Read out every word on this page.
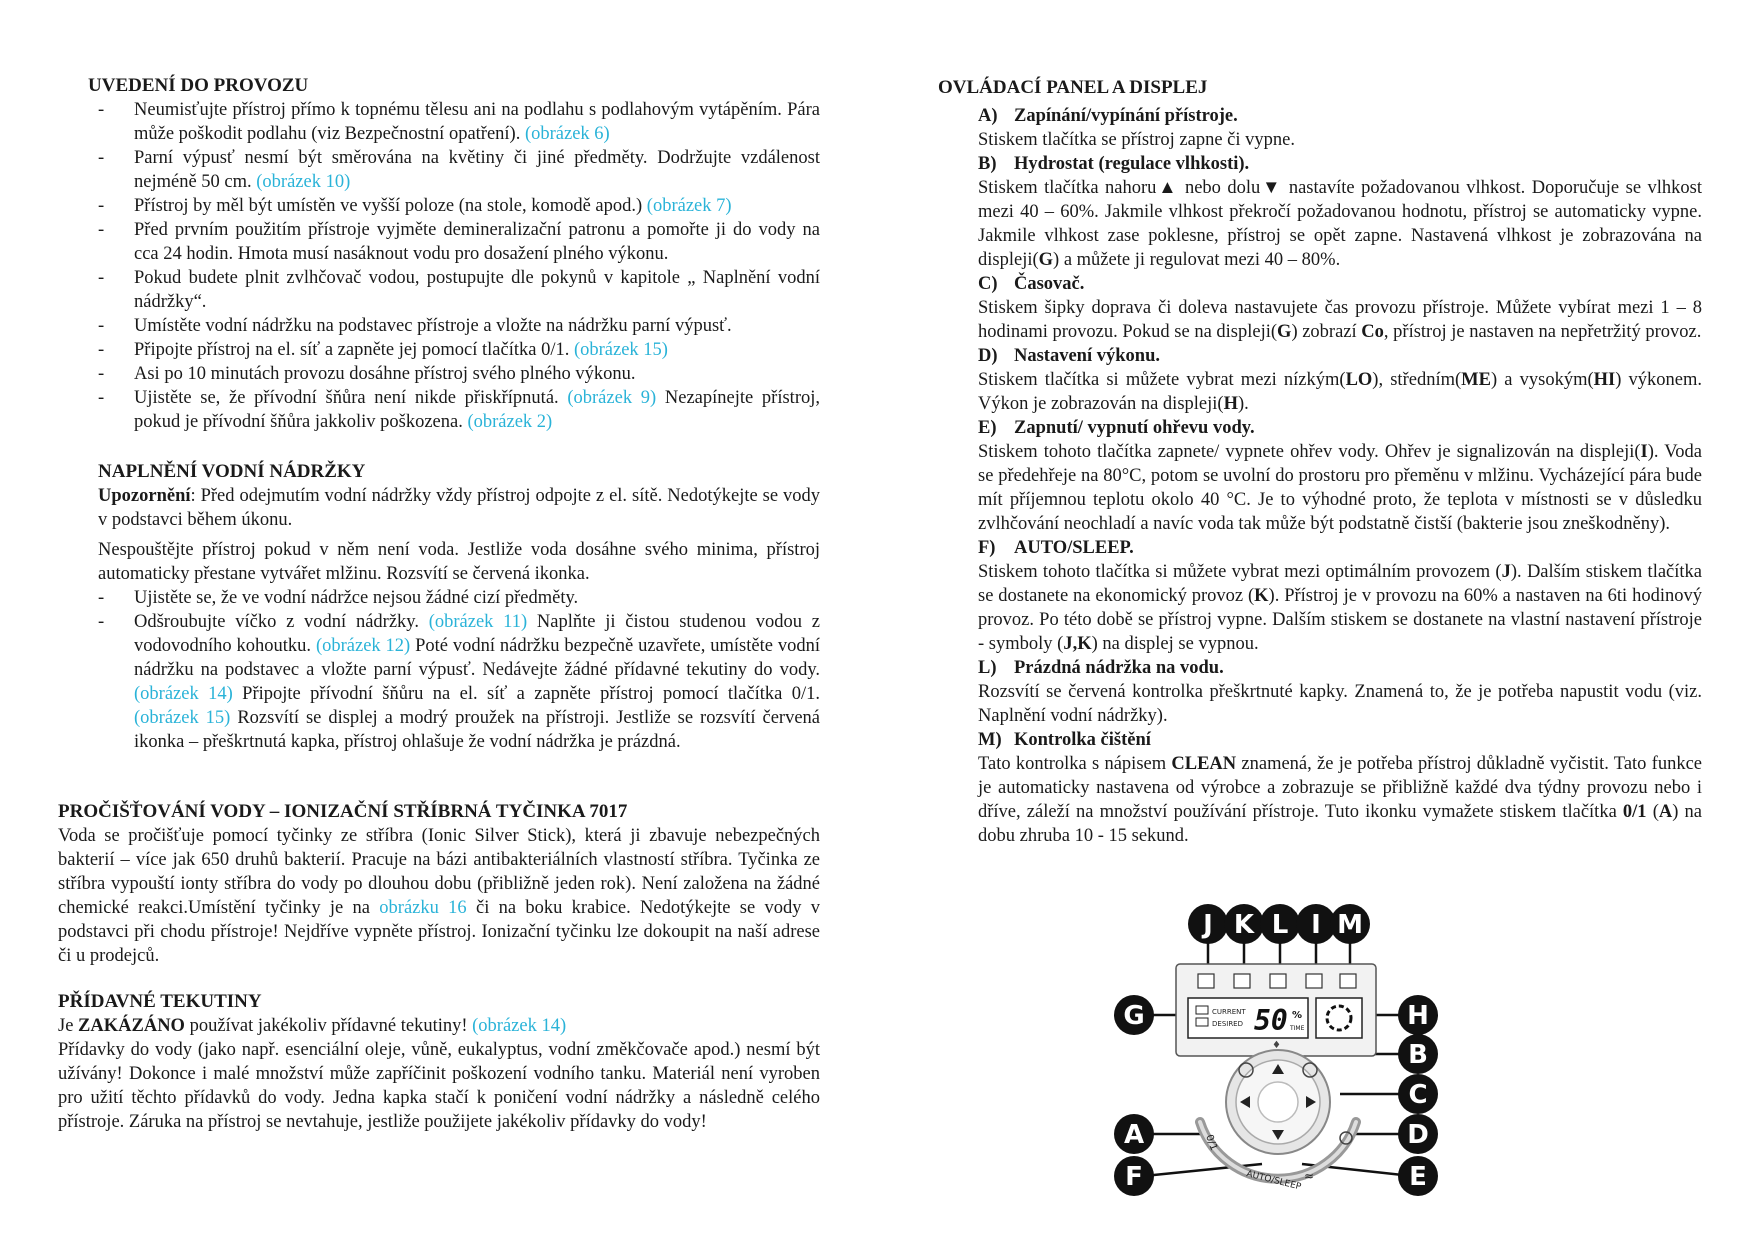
UVEDENÍ DO PROVOZU
- Neumisťujte přístroj přímo k topnému tělesu ani na podlahu s podlahovým vytápěním. Pára může poškodit podlahu (viz Bezpečnostní opatření). (obrázek 6)
- Parní výpusť nesmí být směrována na květiny či jiné předměty. Dodržujte vzdálenost nejméně 50 cm. (obrázek 10)
- Přístroj by měl být umístěn ve vyšší poloze (na stole, komodě apod.) (obrázek 7)
- Před prvním použitím přístroje vyjměte demineralizační patronu a pomořte ji do vody na cca 24 hodin. Hmota musí nasáknout vodu pro dosažení plného výkonu.
- Pokud budete plnit zvlhčovač vodou, postupujte dle pokynů v kapitole „ Naplnění vodní nádržky“.
- Umístěte vodní nádržku na podstavec přístroje a vložte na nádržku parní výpusť.
- Připojte přístroj na el. síť a zapněte jej pomocí tlačítka 0/1. (obrázek 15)
- Asi po 10 minutách provozu dosáhne přístroj svého plného výkonu.
- Ujistěte se, že přívodní šňůra není nikde přiskřípnutá. (obrázek 9) Nezapínejte přístroj, pokud je přívodní šňůra jakkoliv poškozena. (obrázek 2)
NAPLNĚNÍ VODNÍ NÁDRŽKY

Upozornění: Před odejmutím vodní nádržky vždy přístroj odpojte z el. sítě. Nedotýkejte se vody v podstavci během úkonu.

Nespouštějte přístroj pokud v něm není voda. Jestliže voda dosáhne svého minima, přístroj automaticky přestane vytvářet mlžinu. Rozsvítí se červená ikonka.

- Ujistěte se, že ve vodní nádržce nejsou žádné cizí předměty.
- Odšroubujte víčko z vodní nádržky. (obrázek 11) Naplňte ji čistou studenou vodou z vodovodního kohoutku. (obrázek 12) Poté vodní nádržku bezpečně uzavřete, umístěte vodní nádržku na podstavec a vložte parní výpusť. Nedávejte žádné přídavné tekutiny do vody. (obrázek 14) Připojte přívodní šňůru na el. síť a zapněte přístroj pomocí tlačítka 0/1. (obrázek 15) Rozsvítí se displej a modrý proužek na přístroji. Jestliže se rozsvítí červená ikonka – přeškrtnutá kapka, přístroj ohlašuje že vodní nádržka je prázdná.
PROČIŠŤOVÁNÍ VODY – IONIZAČNÍ STŘÍBRNÁ TYČINKA 7017

Voda se pročišťuje pomocí tyčinky ze stříbra (Ionic Silver Stick), která ji zbavuje nebezpečných bakterií – více jak 650 druhů bakterií. Pracuje na bázi antibakteriálních vlastností stříbra. Tyčinka ze stříbra vypouští ionty stříbra do vody po dlouhou dobu (přibližně jeden rok). Není založena na žádné chemické reakci.Umístění tyčinky je na obrázku 16 či na boku krabice. Nedotýkejte se vody v podstavci při chodu přístroje! Nejdříve vypněte přístroj. Ionizační tyčinku lze dokoupit na naší adrese či u prodejců.

PŘÍDAVNÉ TEKUTINY

Je ZAKÁZÁNO používat jakékoliv přídavné tekutiny! (obrázek 14)

Přídavky do vody (jako např. esenciální oleje, vůně, eukalyptus, vodní změkčovače apod.) nesmí být užívány! Dokonce i malé množství může zapříčinit poškození vodního tanku. Materiál není vyroben pro užití těchto přídavků do vody. Jedna kapka stačí k poničení vodní nádržky a následně celého přístroje. Záruka na přístroj se nevtahuje, jestliže použijete jakékoliv přídavky do vody!

OVLÁDACÍ PANEL A DISPLEJ
A) Zapínání/vypínání přístroje.
Stiskem tlačítka se přístroj zapne či vypne.
B) Hydrostat (regulace vlhkosti).
Stiskem tlačítka nahoru▲ nebo dolu▼ nastavíte požadovanou vlhkost. Doporučuje se vlhkost mezi 40 – 60%. Jakmile vlhkost překročí požadovanou hodnotu, přístroj se automaticky vypne. Jakmile vlhkost zase poklesne, přístroj se opět zapne. Nastavená vlhkost je zobrazována na displeji(G) a můžete ji regulovat mezi 40 – 80%.
C) Časovač.
Stiskem šipky doprava či doleva nastavujete čas provozu přístroje. Můžete vybírat mezi 1 – 8 hodinami provozu. Pokud se na displeji(G) zobrazí Co, přístroj je nastaven na nepřetržitý provoz.
D) Nastavení výkonu.
Stiskem tlačítka si můžete vybrat mezi nízkým(LO), středním(ME) a vysokým(HI) výkonem. Výkon je zobrazován na displeji(H).
E) Zapnutí/ vypnutí ohřevu vody.
Stiskem tohoto tlačítka zapnete/ vypnete ohřev vody. Ohřev je signalizován na displeji(I). Voda se předehřeje na 80°C, potom se uvolní do prostoru pro přeměnu v mlžinu. Vycházející pára bude mít příjemnou teplotu okolo 40 °C. Je to výhodné proto, že teplota v místnosti se v důsledku zvlhčování neochladí a navíc voda tak může být podstatně čistší (bakterie jsou zneškodněny).
F) AUTO/SLEEP.
Stiskem tohoto tlačítka si můžete vybrat mezi optimálním provozem (J). Dalším stiskem tlačítka se dostanete na ekonomický provoz (K). Přístroj je v provozu na 60% a nastaven na 6ti hodinový provoz. Po této době se přístroj vypne. Dalším stiskem se dostanete na vlastní nastavení přístroje - symboly (J,K) na displej se vypnou.
L) Prázdná nádržka na vodu.
Rozsvítí se červená kontrolka přeškrtnuté kapky. Znamená to, že je potřeba napustit vodu (viz. Naplnění vodní nádržky).
M) Kontrolka čištění
Tato kontrolka s nápisem CLEAN znamená, že je potřeba přístroj důkladně vyčistit. Tato funkce je automaticky nastavena od výrobce a zobrazuje se přibližně každé dva týdny provozu nebo i dříve, záleží na množství používání přístroje. Tuto ikonku vymažete stiskem tlačítka 0/1 (A) na dobu zhruba 10 - 15 sekund.
CURRENT
DESIRED 50 %
TIME
0/1
AUTO/SLEEP ≈
♦
J K L I M
G
A
F
H
B
C
D
E
